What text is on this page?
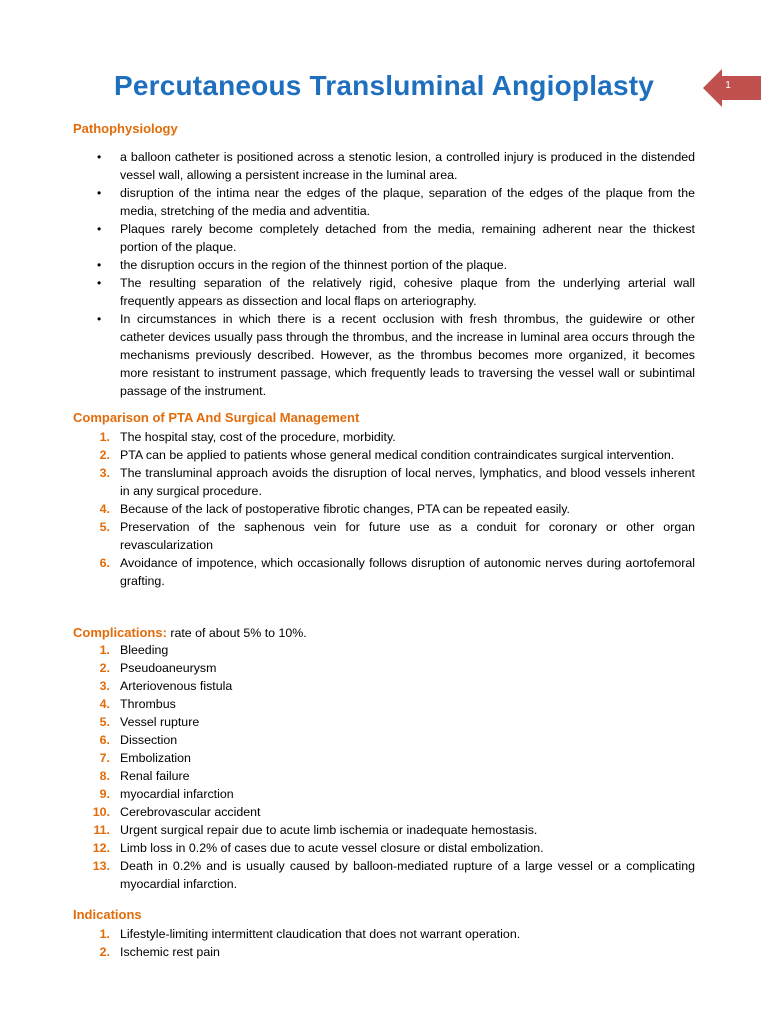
Percutaneous Transluminal Angioplasty	1
Pathophysiology
• a balloon catheter is positioned across a stenotic lesion, a controlled injury is produced in the distended vessel wall, allowing a persistent increase in the luminal area.
• disruption of the intima near the edges of the plaque, separation of the edges of the plaque from the media, stretching of the media and adventitia.
• Plaques rarely become completely detached from the media, remaining adherent near the thickest portion of the plaque.
• the disruption occurs in the region of the thinnest portion of the plaque.
• The resulting separation of the relatively rigid, cohesive plaque from the underlying arterial wall frequently appears as dissection and local flaps on arteriography.
• In circumstances in which there is a recent occlusion with fresh thrombus, the guidewire or other catheter devices usually pass through the thrombus, and the increase in luminal area occurs through the mechanisms previously described. However, as the thrombus becomes more organized, it becomes more resistant to instrument passage, which frequently leads to traversing the vessel wall or subintimal passage of the instrument.
Comparison of PTA And Surgical Management
1. The hospital stay, cost of the procedure, morbidity.
2. PTA can be applied to patients whose general medical condition contraindicates surgical intervention.
3. The transluminal approach avoids the disruption of local nerves, lymphatics, and blood vessels inherent in any surgical procedure.
4. Because of the lack of postoperative fibrotic changes, PTA can be repeated easily.
5. Preservation of the saphenous vein for future use as a conduit for coronary or other organ revascularization
6. Avoidance of impotence, which occasionally follows disruption of autonomic nerves during aortofemoral grafting.
Complications: rate of about 5% to 10%.
1. Bleeding
2. Pseudoaneurysm
3. Arteriovenous fistula
4. Thrombus
5. Vessel rupture
6. Dissection
7. Embolization
8. Renal failure
9. myocardial infarction
10. Cerebrovascular accident
11. Urgent surgical repair due to acute limb ischemia or inadequate hemostasis.
12. Limb loss in 0.2% of cases due to acute vessel closure or distal embolization.
13. Death in 0.2% and is usually caused by balloon-mediated rupture of a large vessel or a complicating myocardial infarction.
Indications
1. Lifestyle-limiting intermittent claudication that does not warrant operation.
2. Ischemic rest pain
